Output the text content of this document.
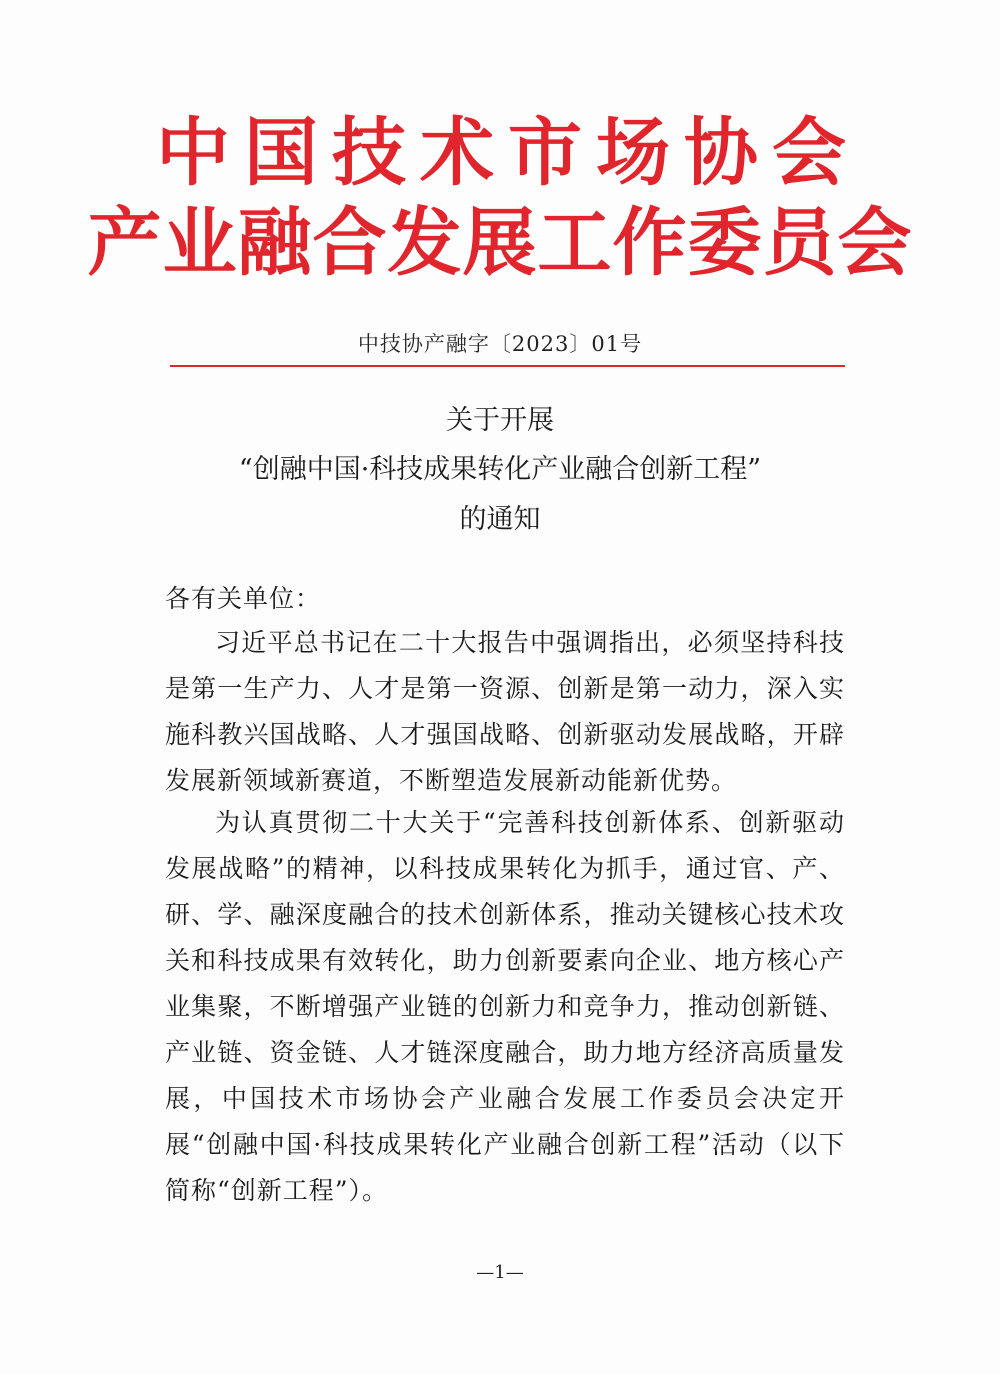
中国技术市场协会
产业融合发展工作委员会
中技协产融字〔2023〕01号
关于开展
“创融中国·科技成果转化产业融合创新工程”
的通知
各有关单位：

习近平总书记在二十大报告中强调指出，必须坚持科技是第一生产力、人才是第一资源、创新是第一动力，深入实施科教兴国战略、人才强国战略、创新驱动发展战略，开辟发展新领域新赛道，不断塑造发展新动能新优势。

为认真贯彻二十大关于“完善科技创新体系、创新驱动发展战略”的精神，以科技成果转化为抓手，通过官、产、研、学、融深度融合的技术创新体系，推动关键核心技术攻关和科技成果有效转化，助力创新要素向企业、地方核心产业集聚，不断增强产业链的创新力和竞争力，推动创新链、产业链、资金链、人才链深度融合，助力地方经济高质量发展，中国技术市场协会产业融合发展工作委员会决定开展“创融中国·科技成果转化产业融合创新工程”活动（以下简称“创新工程”）。

—1—
